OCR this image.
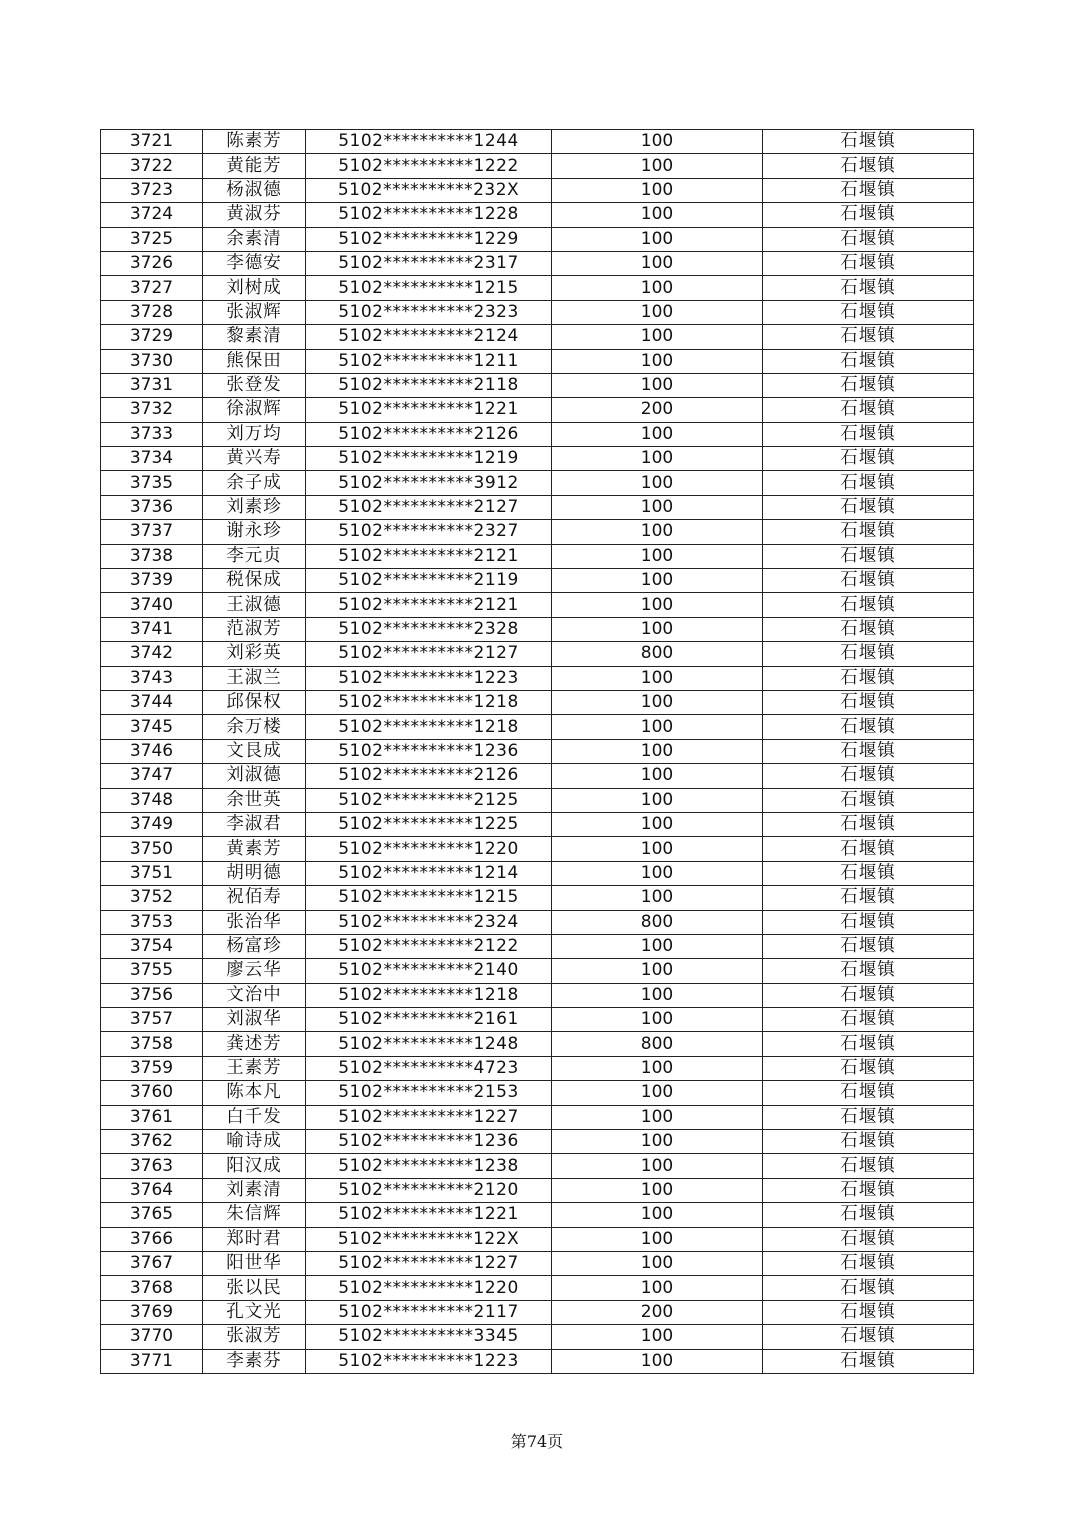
3721	陈素芳	5102**********1244	100	石堰镇
3722	黄能芳	5102**********1222	100	石堰镇
3723	杨淑德	5102**********232X	100	石堰镇
3724	黄淑芬	5102**********1228	100	石堰镇
3725	余素清	5102**********1229	100	石堰镇
3726	李德安	5102**********2317	100	石堰镇
3727	刘树成	5102**********1215	100	石堰镇
3728	张淑辉	5102**********2323	100	石堰镇
3729	黎素清	5102**********2124	100	石堰镇
3730	熊保田	5102**********1211	100	石堰镇
3731	张登发	5102**********2118	100	石堰镇
3732	徐淑辉	5102**********1221	200	石堰镇
3733	刘万均	5102**********2126	100	石堰镇
3734	黄兴寿	5102**********1219	100	石堰镇
3735	余子成	5102**********3912	100	石堰镇
3736	刘素珍	5102**********2127	100	石堰镇
3737	谢永珍	5102**********2327	100	石堰镇
3738	李元贞	5102**********2121	100	石堰镇
3739	税保成	5102**********2119	100	石堰镇
3740	王淑德	5102**********2121	100	石堰镇
3741	范淑芳	5102**********2328	100	石堰镇
3742	刘彩英	5102**********2127	800	石堰镇
3743	王淑兰	5102**********1223	100	石堰镇
3744	邱保权	5102**********1218	100	石堰镇
3745	余万楼	5102**********1218	100	石堰镇
3746	文艮成	5102**********1236	100	石堰镇
3747	刘淑德	5102**********2126	100	石堰镇
3748	余世英	5102**********2125	100	石堰镇
3749	李淑君	5102**********1225	100	石堰镇
3750	黄素芳	5102**********1220	100	石堰镇
3751	胡明德	5102**********1214	100	石堰镇
3752	祝佰寿	5102**********1215	100	石堰镇
3753	张治华	5102**********2324	800	石堰镇
3754	杨富珍	5102**********2122	100	石堰镇
3755	廖云华	5102**********2140	100	石堰镇
3756	文治中	5102**********1218	100	石堰镇
3757	刘淑华	5102**********2161	100	石堰镇
3758	龚述芳	5102**********1248	800	石堰镇
3759	王素芳	5102**********4723	100	石堰镇
3760	陈本凡	5102**********2153	100	石堰镇
3761	白千发	5102**********1227	100	石堰镇
3762	喻诗成	5102**********1236	100	石堰镇
3763	阳汉成	5102**********1238	100	石堰镇
3764	刘素清	5102**********2120	100	石堰镇
3765	朱信辉	5102**********1221	100	石堰镇
3766	郑时君	5102**********122X	100	石堰镇
3767	阳世华	5102**********1227	100	石堰镇
3768	张以民	5102**********1220	100	石堰镇
3769	孔文光	5102**********2117	200	石堰镇
3770	张淑芳	5102**********3345	100	石堰镇
3771	李素芬	5102**********1223	100	石堰镇
第74页
